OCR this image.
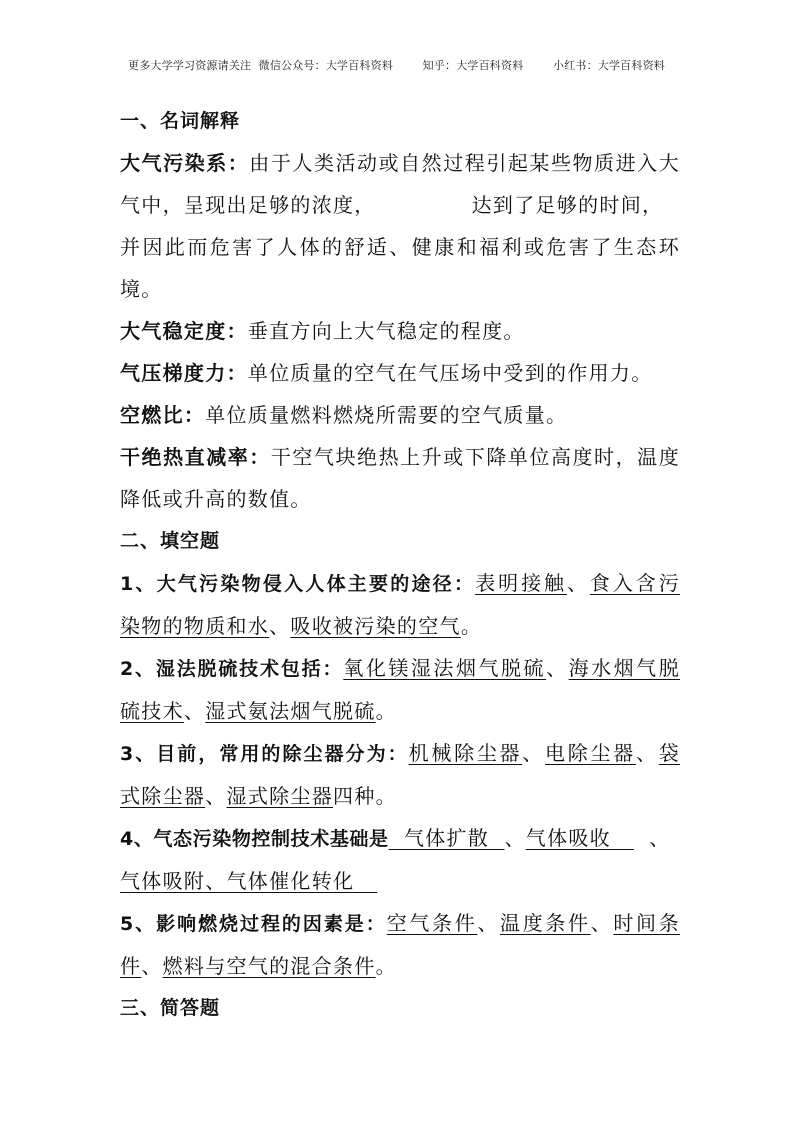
更多大学学习资源请关注  微信公众号：大学百科资料        知乎：大学百科资料        小红书：大学百科资料
一、名词解释
大气污染系：由于人类活动或自然过程引起某些物质进入大
气中，呈现出足够的浓度，	达到了足够的时间，
并因此而危害了人体的舒适、健康和福利或危害了生态环
境。
大气稳定度：垂直方向上大气稳定的程度。
气压梯度力：单位质量的空气在气压场中受到的作用力。
空燃比：单位质量燃料燃烧所需要的空气质量。
干绝热直减率：干空气块绝热上升或下降单位高度时，温度
降低或升高的数值。
二、填空题
1、大气污染物侵入人体主要的途径：表明接触、食入含污
染物的物质和水、吸收被污染的空气。
2、湿法脱硫技术包括：氧化镁湿法烟气脱硫、海水烟气脱
硫技术、湿式氨法烟气脱硫。
3、目前，常用的除尘器分为：机械除尘器、电除尘器、袋
式除尘器、湿式除尘器四种。
4、气态污染物控制技术基础是  气体扩散  、气体吸收     、
气体吸附、气体催化转化
5、影响燃烧过程的因素是：空气条件、温度条件、时间条
件、燃料与空气的混合条件。
三、简答题
